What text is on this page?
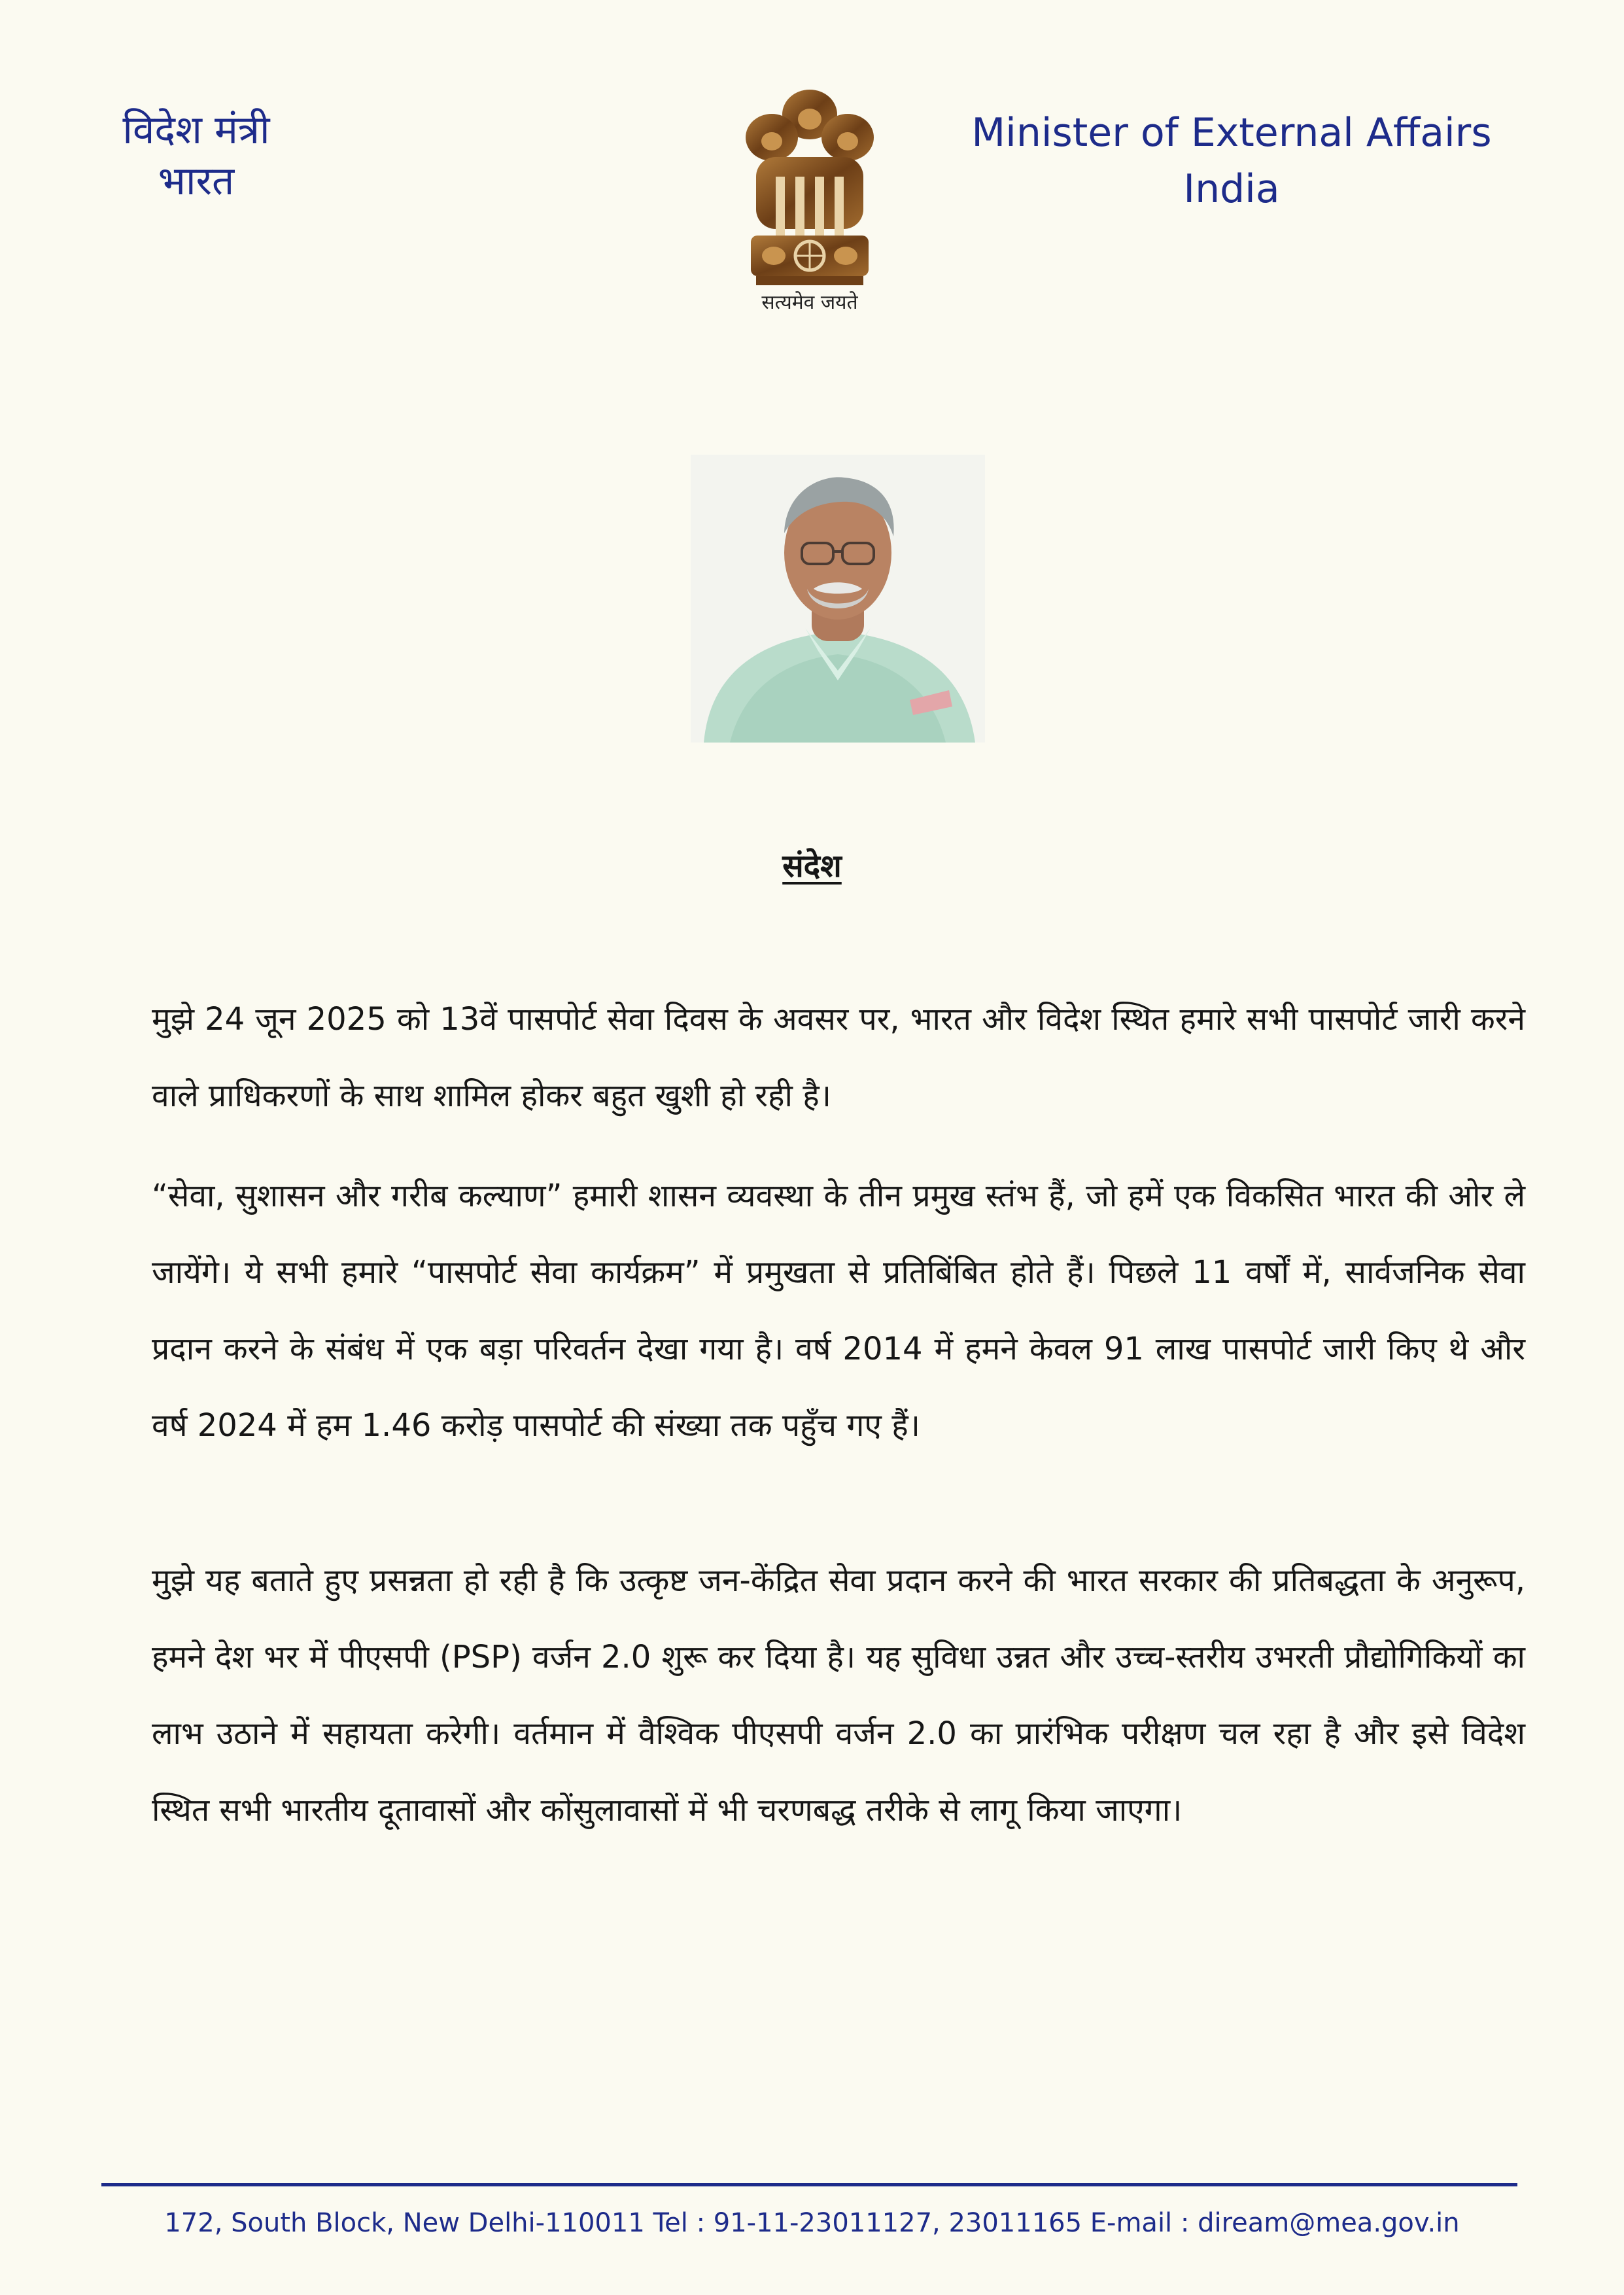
विदेश मंत्री
भारत
सत्यमेव जयते
Minister of External Affairs
India
संदेश

मुझे 24 जून 2025 को 13वें पासपोर्ट सेवा दिवस के अवसर पर, भारत और विदेश स्थित हमारे सभी पासपोर्ट जारी करने वाले प्राधिकरणों के साथ शामिल होकर बहुत खुशी हो रही है।

“सेवा, सुशासन और गरीब कल्याण” हमारी शासन व्यवस्था के तीन प्रमुख स्तंभ हैं, जो हमें एक विकसित भारत की ओर ले जायेंगे। ये सभी हमारे “पासपोर्ट सेवा कार्यक्रम” में प्रमुखता से प्रतिबिंबित होते हैं। पिछले 11 वर्षों में, सार्वजनिक सेवा प्रदान करने के संबंध में एक बड़ा परिवर्तन देखा गया है। वर्ष 2014 में हमने केवल 91 लाख पासपोर्ट जारी किए थे और वर्ष 2024 में हम 1.46 करोड़ पासपोर्ट की संख्या तक पहुँच गए हैं।

मुझे यह बताते हुए प्रसन्नता हो रही है कि उत्कृष्ट जन-केंद्रित सेवा प्रदान करने की भारत सरकार की प्रतिबद्धता के अनुरूप, हमने देश भर में पीएसपी (PSP) वर्जन 2.0 शुरू कर दिया है। यह सुविधा उन्नत और उच्च-स्तरीय उभरती प्रौद्योगिकियों का लाभ उठाने में सहायता करेगी। वर्तमान में वैश्विक पीएसपी वर्जन 2.0 का प्रारंभिक परीक्षण चल रहा है और इसे विदेश स्थित सभी भारतीय दूतावासों और कोंसुलावासों में भी चरणबद्ध तरीके से लागू किया जाएगा।

172, South Block, New Delhi-110011 Tel : 91-11-23011127, 23011165 E-mail : diream@mea.gov.in
